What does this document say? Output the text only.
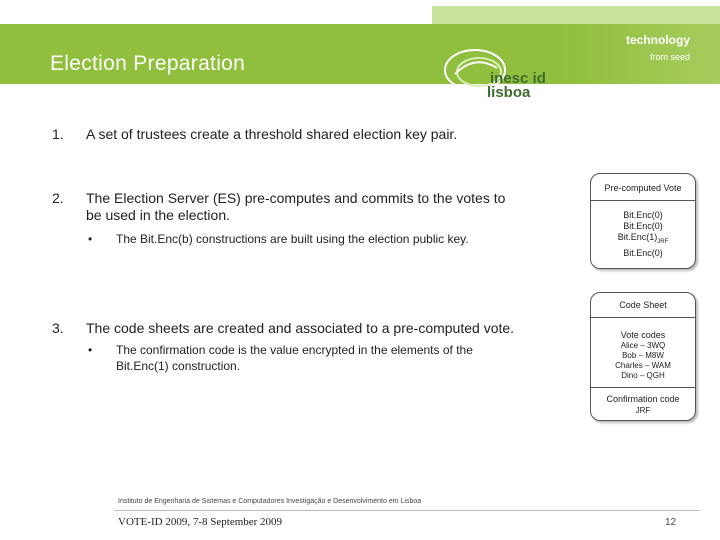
Election Preparation
technology
from seed
inesc id
lisboa
1. A set of trustees create a threshold shared election key pair.
2. The Election Server (ES) pre-computes and commits to the votes to
be used in the election.
• The Bit.Enc(b) constructions are built using the election public key.
3. The code sheets are created and associated to a pre-computed vote.
• The confirmation code is the value encrypted in the elements of the
Bit.Enc(1) construction.
Pre-computed Vote
Bit.Enc(0)
Bit.Enc(0)
$Bit.Enc(1)_{JRF}$
Bit.Enc(0)
Code Sheet
Vote codes
Alice – 3WQ
Bob – M8W
Charles – WAM
Dino – QGH
Confirmation code
JRF
Instituto de Engenharia de Sistemas e Computadores Investigação e Desenvolvimento em Lisboa
VOTE-ID 2009, 7-8 September 2009	12
